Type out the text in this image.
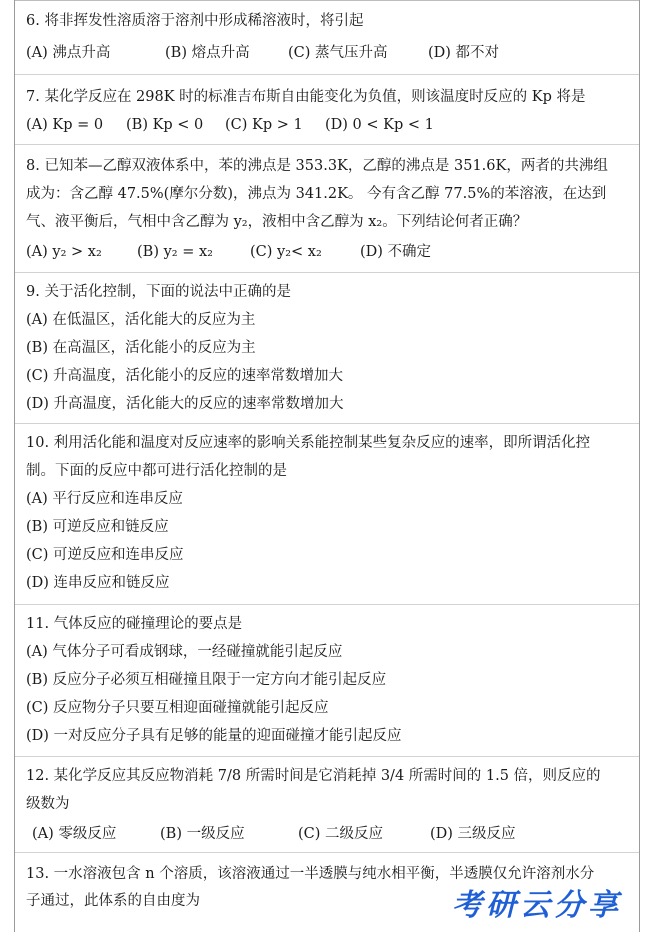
6. 将非挥发性溶质溶于溶剂中形成稀溶液时，将引起
(A) 沸点升高	(B) 熔点升高	(C) 蒸气压升高	(D) 都不对
7. 某化学反应在 298K 时的标准吉布斯自由能变化为负值，则该温度时反应的 Kp 将是
(A) Kp = 0 (B) Kp < 0 (C) Kp > 1 (D) 0 < Kp < 1
8. 已知苯—乙醇双液体系中，苯的沸点是 353.3K，乙醇的沸点是 351.6K，两者的共沸组
成为：含乙醇 47.5%(摩尔分数)，沸点为 341.2K。 今有含乙醇 77.5%的苯溶液，在达到
气、液平衡后，气相中含乙醇为 y₂，液相中含乙醇为 x₂。下列结论何者正确？
(A) y₂ > x₂ (B) y₂ = x₂	(C) y₂< x₂	(D) 不确定
9. 关于活化控制，下面的说法中正确的是
(A) 在低温区，活化能大的反应为主
(B) 在高温区，活化能小的反应为主
(C) 升高温度，活化能小的反应的速率常数增加大
(D) 升高温度，活化能大的反应的速率常数增加大
10. 利用活化能和温度对反应速率的影响关系能控制某些复杂反应的速率，即所谓活化控
制。下面的反应中都可进行活化控制的是
(A) 平行反应和连串反应
(B) 可逆反应和链反应
(C) 可逆反应和连串反应
(D) 连串反应和链反应
11. 气体反应的碰撞理论的要点是
(A) 气体分子可看成钢球，一经碰撞就能引起反应
(B) 反应分子必须互相碰撞且限于一定方向才能引起反应
(C) 反应物分子只要互相迎面碰撞就能引起反应
(D) 一对反应分子具有足够的能量的迎面碰撞才能引起反应
12. 某化学反应其反应物消耗 7/8 所需时间是它消耗掉 3/4 所需时间的 1.5 倍，则反应的
级数为
(A) 零级反应	(B) 一级反应	(C) 二级反应	(D) 三级反应
13. 一水溶液包含 n 个溶质，该溶液通过一半透膜与纯水相平衡，半透膜仅允许溶剂水分
子通过，此体系的自由度为	考研云分享
